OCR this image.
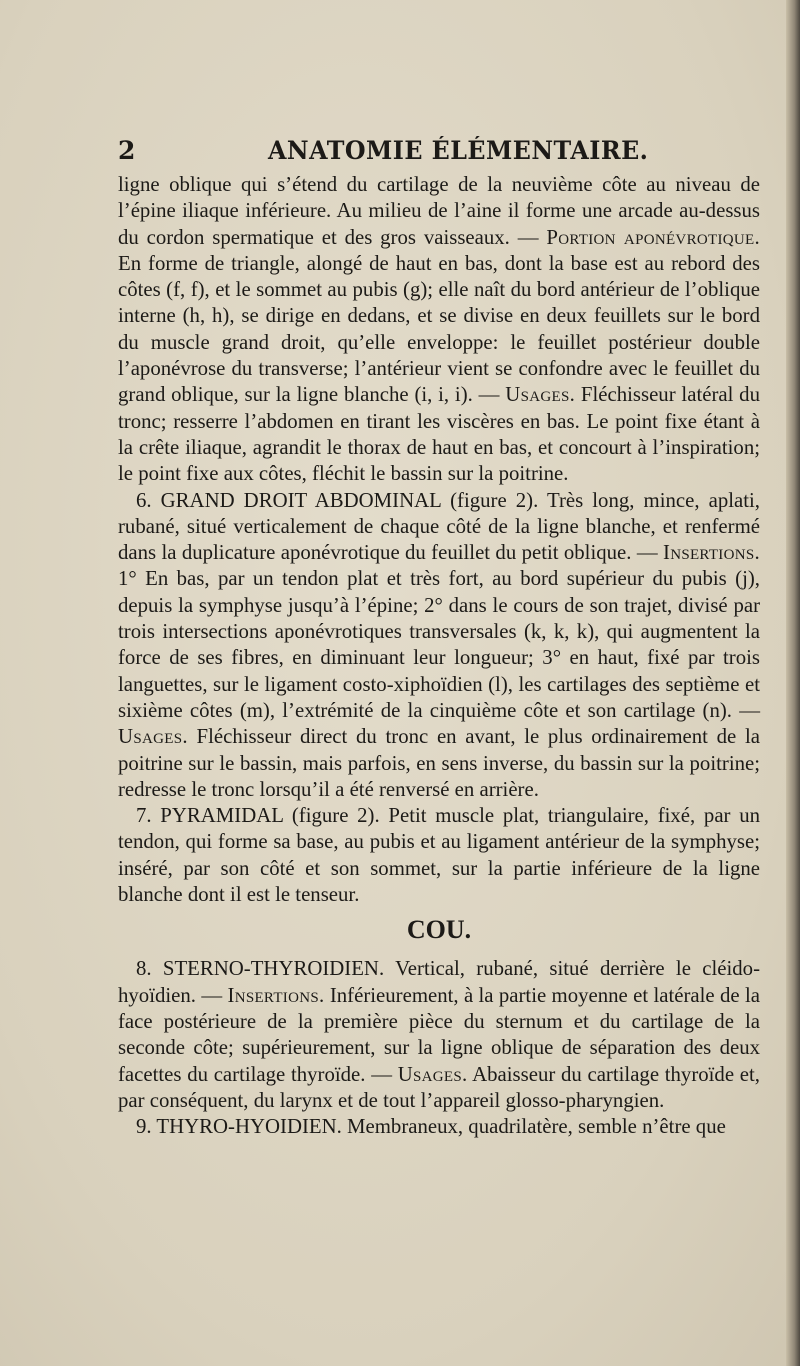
2	ANATOMIE ÉLÉMENTAIRE.

ligne oblique qui s’étend du cartilage de la neuvième côte au niveau de l’épine iliaque inférieure. Au milieu de l’aine il forme une arcade au-dessus du cordon spermatique et des gros vaisseaux. — Portion aponévrotique. En forme de triangle, alongé de haut en bas, dont la base est au rebord des côtes (f, f), et le sommet au pubis (g); elle naît du bord antérieur de l’oblique interne (h, h), se dirige en dedans, et se divise en deux feuillets sur le bord du muscle grand droit, qu’elle enveloppe: le feuillet postérieur double l’aponévrose du transverse; l’antérieur vient se confondre avec le feuillet du grand oblique, sur la ligne blanche (i, i, i). — Usages. Fléchisseur latéral du tronc; resserre l’abdomen en tirant les viscères en bas. Le point fixe étant à la crête iliaque, agrandit le thorax de haut en bas, et concourt à l’inspiration; le point fixe aux côtes, fléchit le bassin sur la poitrine.

6. GRAND DROIT ABDOMINAL (figure 2). Très long, mince, aplati, rubané, situé verticalement de chaque côté de la ligne blanche, et renfermé dans la duplicature aponévrotique du feuillet du petit oblique. — Insertions. 1° En bas, par un tendon plat et très fort, au bord supérieur du pubis (j), depuis la symphyse jusqu’à l’épine; 2° dans le cours de son trajet, divisé par trois intersections aponévrotiques transversales (k, k, k), qui augmentent la force de ses fibres, en diminuant leur longueur; 3° en haut, fixé par trois languettes, sur le ligament costo-xiphoïdien (l), les cartilages des septième et sixième côtes (m), l’extrémité de la cinquième côte et son cartilage (n). — Usages. Fléchisseur direct du tronc en avant, le plus ordinairement de la poitrine sur le bassin, mais parfois, en sens inverse, du bassin sur la poitrine; redresse le tronc lorsqu’il a été renversé en arrière.

7. PYRAMIDAL (figure 2). Petit muscle plat, triangulaire, fixé, par un tendon, qui forme sa base, au pubis et au ligament antérieur de la symphyse; inséré, par son côté et son sommet, sur la partie inférieure de la ligne blanche dont il est le tenseur.

COU.

8. STERNO-THYROIDIEN. Vertical, rubané, situé derrière le cléido-hyoïdien. — Insertions. Inférieurement, à la partie moyenne et latérale de la face postérieure de la première pièce du sternum et du cartilage de la seconde côte; supérieurement, sur la ligne oblique de séparation des deux facettes du cartilage thyroïde. — Usages. Abaisseur du cartilage thyroïde et, par conséquent, du larynx et de tout l’appareil glosso-pharyngien.

9. THYRO-HYOIDIEN. Membraneux, quadrilatère, semble n’être que
